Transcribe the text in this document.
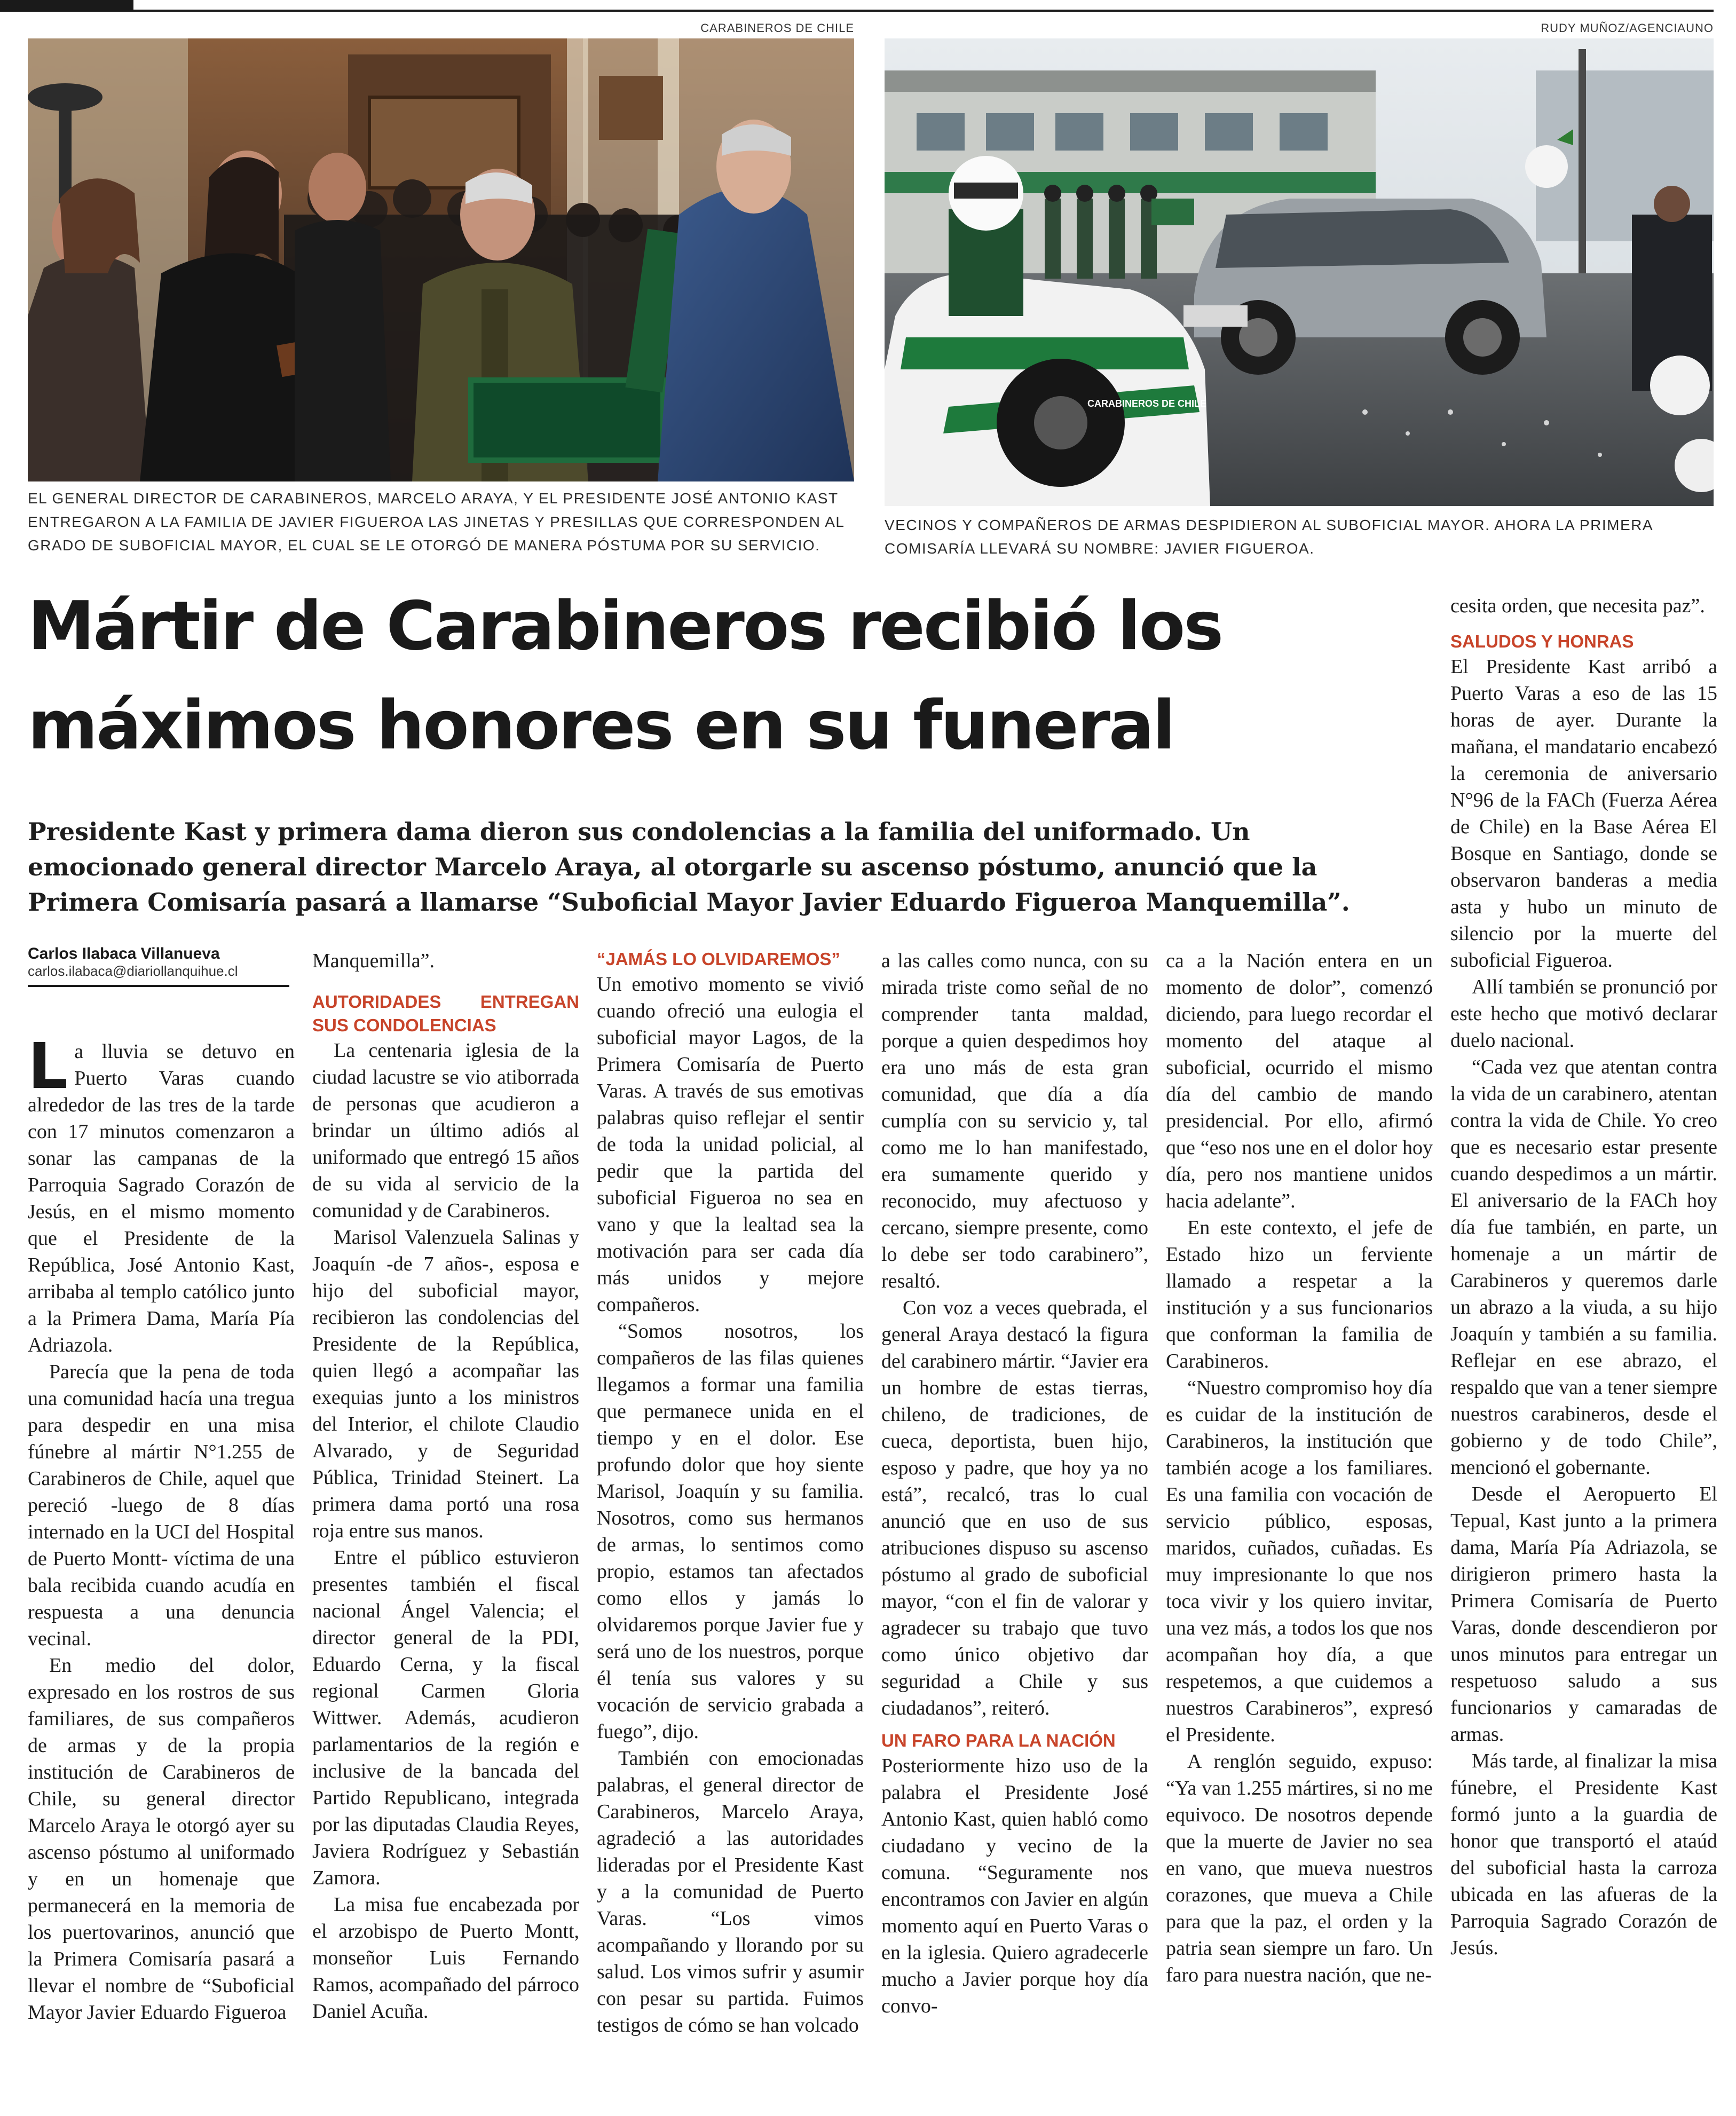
CARABINEROS DE CHILE	RUDY MUÑOZ/AGENCIAUNO
CARABINEROS DE CHILE
EL GENERAL DIRECTOR DE CARABINEROS, MARCELO ARAYA, Y EL PRESIDENTE JOSÉ ANTONIO KAST ENTREGARON A LA FAMILIA DE JAVIER FIGUEROA LAS JINETAS Y PRESILLAS QUE CORRESPONDEN AL GRADO DE SUBOFICIAL MAYOR, EL CUAL SE LE OTORGÓ DE MANERA PÓSTUMA POR SU SERVICIO.
VECINOS Y COMPAÑEROS DE ARMAS DESPIDIERON AL SUBOFICIAL MAYOR. AHORA LA PRIMERA COMISARÍA LLEVARÁ SU NOMBRE: JAVIER FIGUEROA.
Mártir de Carabineros recibió los máximos honores en su funeral

Presidente Kast y primera dama dieron sus condolencias a la familia del uniformado. Un emocionado general director Marcelo Araya, al otorgarle su ascenso póstumo, anunció que la Primera Comisaría pasará a llamarse “Suboficial Mayor Javier Eduardo Figueroa Manquemilla”.

Carlos Ilabaca Villanueva
carlos.ilabaca@diariollanquihue.cl

La lluvia se detuvo en Puerto Varas cuando alrededor de las tres de la tarde con 17 minutos comenzaron a sonar las campanas de la Parroquia Sagrado Corazón de Jesús, en el mismo momento que el Presidente de la República, José Antonio Kast, arribaba al templo católico junto a la Primera Dama, María Pía Adriazola.

Parecía que la pena de toda una comunidad hacía una tregua para despedir en una misa fúnebre al mártir N°1.255 de Carabineros de Chile, aquel que pereció -luego de 8 días internado en la UCI del Hospital de Puerto Montt- víctima de una bala recibida cuando acudía en respuesta a una denuncia vecinal.

En medio del dolor, expresado en los rostros de sus familiares, de sus compañeros de armas y de la propia institución de Carabineros de Chile, su general director Marcelo Araya le otorgó ayer su ascenso póstumo al uniformado y en un homenaje que permanecerá en la memoria de los puertovarinos, anunció que la Primera Comisaría pasará a llevar el nombre de “Suboficial Mayor Javier Eduardo Figueroa

Manquemilla”.

AUTORIDADES ENTREGAN SUS CONDOLENCIAS

La centenaria iglesia de la ciudad lacustre se vio atiborrada de personas que acudieron a brindar un último adiós al uniformado que entregó 15 años de su vida al servicio de la comunidad y de Carabineros.

Marisol Valenzuela Salinas y Joaquín -de 7 años-, esposa e hijo del suboficial mayor, recibieron las condolencias del Presidente de la República, quien llegó a acompañar las exequias junto a los ministros del Interior, el chilote Claudio Alvarado, y de Seguridad Pública, Trinidad Steinert. La primera dama portó una rosa roja entre sus manos.

Entre el público estuvieron presentes también el fiscal nacional Ángel Valencia; el director general de la PDI, Eduardo Cerna, y la fiscal regional Carmen Gloria Wittwer. Además, acudieron parlamentarios de la región e inclusive de la bancada del Partido Republicano, integrada por las diputadas Claudia Reyes, Javiera Rodríguez y Sebastián Zamora.

La misa fue encabezada por el arzobispo de Puerto Montt, monseñor Luis Fernando Ramos, acompañado del párroco Daniel Acuña.

“JAMÁS LO OLVIDAREMOS”

Un emotivo momento se vivió cuando ofreció una eulogia el suboficial mayor Lagos, de la Primera Comisaría de Puerto Varas. A través de sus emotivas palabras quiso reflejar el sentir de toda la unidad policial, al pedir que la partida del suboficial Figueroa no sea en vano y que la lealtad sea la motivación para ser cada día más unidos y mejore compañeros.

“Somos nosotros, los compañeros de las filas quienes llegamos a formar una familia que permanece unida en el tiempo y en el dolor. Ese profundo dolor que hoy siente Marisol, Joaquín y su familia. Nosotros, como sus hermanos de armas, lo sentimos como propio, estamos tan afectados como ellos y jamás lo olvidaremos porque Javier fue y será uno de los nuestros, porque él tenía sus valores y su vocación de servicio grabada a fuego”, dijo.

También con emocionadas palabras, el general director de Carabineros, Marcelo Araya, agradeció a las autoridades lideradas por el Presidente Kast y a la comunidad de Puerto Varas. “Los vimos acompañando y llorando por su salud. Los vimos sufrir y asumir con pesar su partida. Fuimos testigos de cómo se han volcado

a las calles como nunca, con su mirada triste como señal de no comprender tanta maldad, porque a quien despedimos hoy era uno más de esta gran comunidad, que día a día cumplía con su servicio y, tal como me lo han manifestado, era sumamente querido y reconocido, muy afectuoso y cercano, siempre presente, como lo debe ser todo carabinero”, resaltó.

Con voz a veces quebrada, el general Araya destacó la figura del carabinero mártir. “Javier era un hombre de estas tierras, chileno, de tradiciones, de cueca, deportista, buen hijo, esposo y padre, que hoy ya no está”, recalcó, tras lo cual anunció que en uso de sus atribuciones dispuso su ascenso póstumo al grado de suboficial mayor, “con el fin de valorar y agradecer su trabajo que tuvo como único objetivo dar seguridad a Chile y sus ciudadanos”, reiteró.

UN FARO PARA LA NACIÓN

Posteriormente hizo uso de la palabra el Presidente José Antonio Kast, quien habló como ciudadano y vecino de la comuna. “Seguramente nos encontramos con Javier en algún momento aquí en Puerto Varas o en la iglesia. Quiero agradecerle mucho a Javier porque hoy día convo-

ca a la Nación entera en un momento de dolor”, comenzó diciendo, para luego recordar el momento del ataque al suboficial, ocurrido el mismo día del cambio de mando presidencial. Por ello, afirmó que “eso nos une en el dolor hoy día, pero nos mantiene unidos hacia adelante”.

En este contexto, el jefe de Estado hizo un ferviente llamado a respetar a la institución y a sus funcionarios que conforman la familia de Carabineros.

“Nuestro compromiso hoy día es cuidar de la institución de Carabineros, la institución que también acoge a los familiares. Es una familia con vocación de servicio público, esposas, maridos, cuñados, cuñadas. Es muy impresionante lo que nos toca vivir y los quiero invitar, una vez más, a todos los que nos acompañan hoy día, a que respetemos, a que cuidemos a nuestros Carabineros”, expresó el Presidente.

A renglón seguido, expuso: “Ya van 1.255 mártires, si no me equivoco. De nosotros depende que la muerte de Javier no sea en vano, que mueva nuestros corazones, que mueva a Chile para que la paz, el orden y la patria sean siempre un faro. Un faro para nuestra nación, que ne-

cesita orden, que necesita paz”.

SALUDOS Y HONRAS

El Presidente Kast arribó a Puerto Varas a eso de las 15 horas de ayer. Durante la mañana, el mandatario encabezó la ceremonia de aniversario N°96 de la FACh (Fuerza Aérea de Chile) en la Base Aérea El Bosque en Santiago, donde se observaron banderas a media asta y hubo un minuto de silencio por la muerte del suboficial Figueroa.

Allí también se pronunció por este hecho que motivó declarar duelo nacional.

“Cada vez que atentan contra la vida de un carabinero, atentan contra la vida de Chile. Yo creo que es necesario estar presente cuando despedimos a un mártir. El aniversario de la FACh hoy día fue también, en parte, un homenaje a un mártir de Carabineros y queremos darle un abrazo a la viuda, a su hijo Joaquín y también a su familia. Reflejar en ese abrazo, el respaldo que van a tener siempre nuestros carabineros, desde el gobierno y de todo Chile”, mencionó el gobernante.

Desde el Aeropuerto El Tepual, Kast junto a la primera dama, María Pía Adriazola, se dirigieron primero hasta la Primera Comisaría de Puerto Varas, donde descendieron por unos minutos para entregar un respetuoso saludo a sus funcionarios y camaradas de armas.

Más tarde, al finalizar la misa fúnebre, el Presidente Kast formó junto a la guardia de honor que transportó el ataúd del suboficial hasta la carroza ubicada en las afueras de la Parroquia Sagrado Corazón de Jesús.
